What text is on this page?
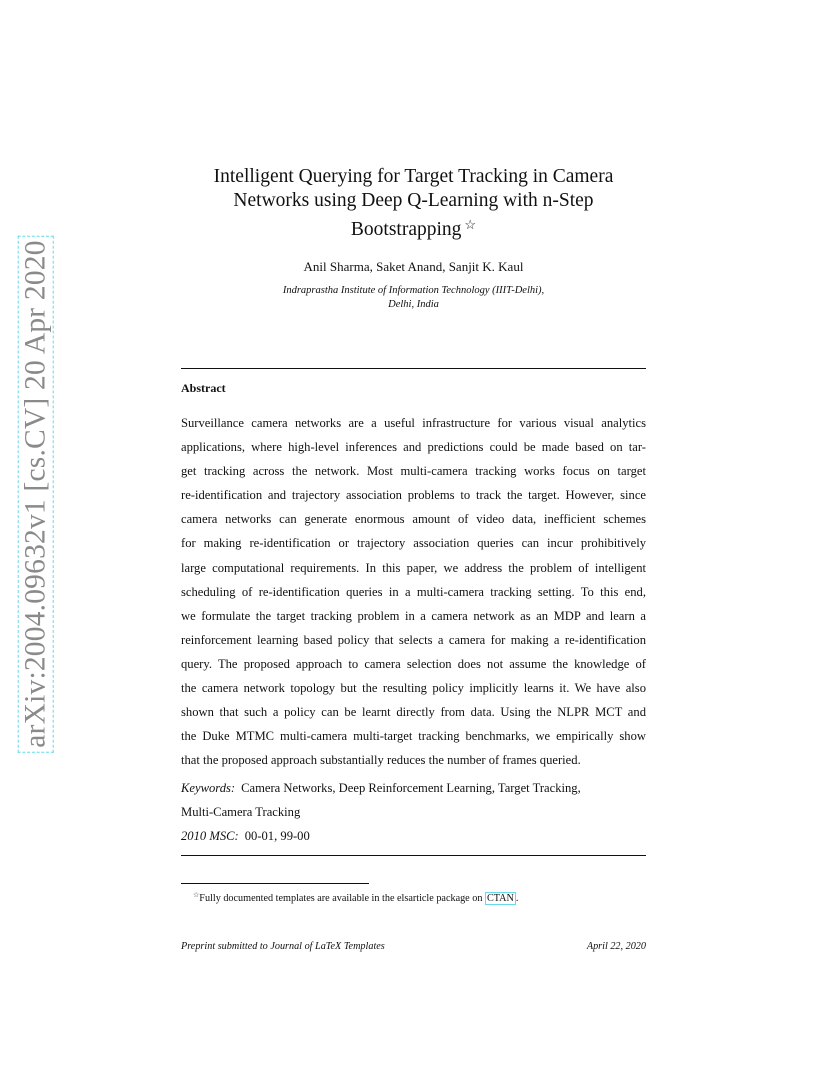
arXiv:2004.09632v1 [cs.CV] 20 Apr 2020
Intelligent Querying for Target Tracking in Camera
Networks using Deep Q-Learning with n-Step
Bootstrapping ☆
Anil Sharma, Saket Anand, Sanjit K. Kaul
Indraprastha Institute of Information Technology (IIIT-Delhi),
Delhi, India
Abstract
Surveillance camera networks are a useful infrastructure for various visual analytics
applications, where high-level inferences and predictions could be made based on tar-
get tracking across the network. Most multi-camera tracking works focus on target
re-identification and trajectory association problems to track the target. However, since
camera networks can generate enormous amount of video data, inefficient schemes
for making re-identification or trajectory association queries can incur prohibitively
large computational requirements. In this paper, we address the problem of intelligent
scheduling of re-identification queries in a multi-camera tracking setting. To this end,
we formulate the target tracking problem in a camera network as an MDP and learn a
reinforcement learning based policy that selects a camera for making a re-identification
query. The proposed approach to camera selection does not assume the knowledge of
the camera network topology but the resulting policy implicitly learns it. We have also
shown that such a policy can be learnt directly from data. Using the NLPR MCT and
the Duke MTMC multi-camera multi-target tracking benchmarks, we empirically show
that the proposed approach substantially reduces the number of frames queried.
Keywords: Camera Networks, Deep Reinforcement Learning, Target Tracking,
Multi-Camera Tracking
2010 MSC: 00-01, 99-00
☆Fully documented templates are available in the elsarticle package on CTAN .
Preprint submitted to Journal of LaTeX Templates	April 22, 2020
